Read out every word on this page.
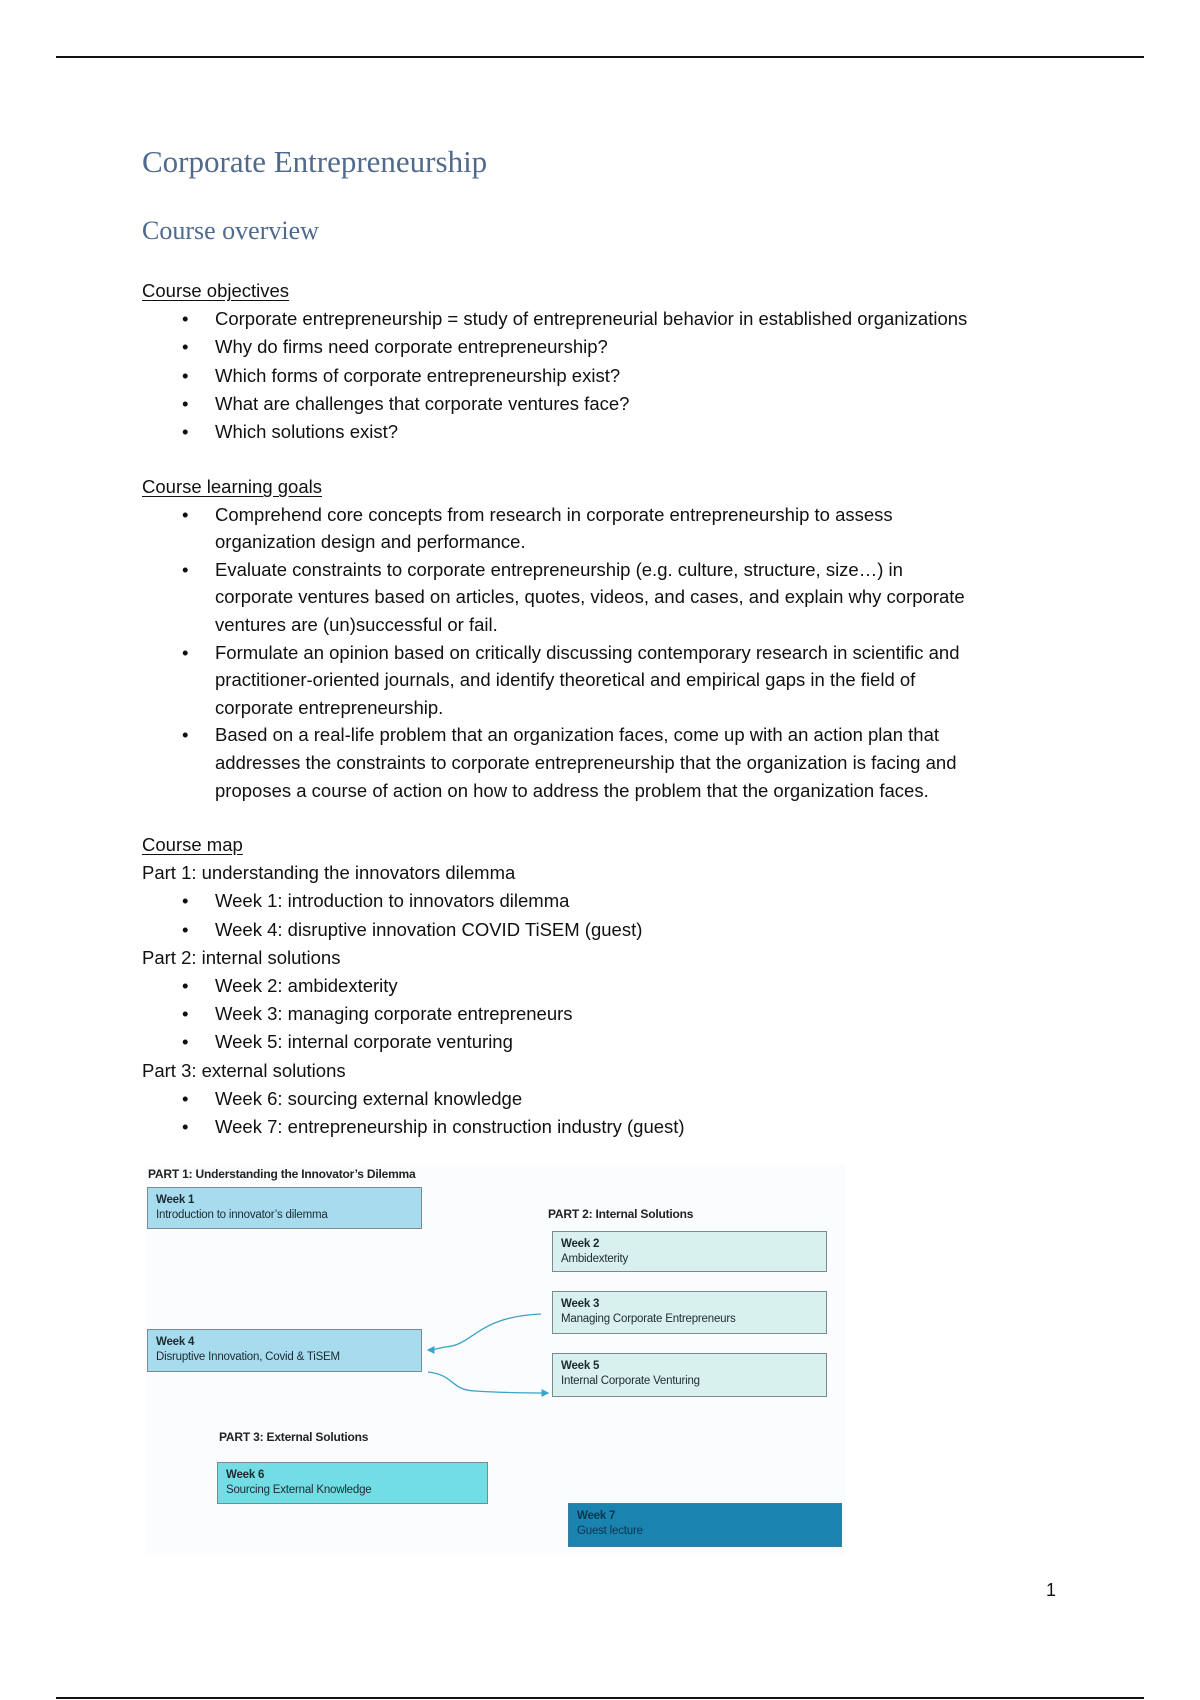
Corporate Entrepreneurship
Course overview
Course objectives
• Corporate entrepreneurship = study of entrepreneurial behavior in established organizations
• Why do firms need corporate entrepreneurship?
• Which forms of corporate entrepreneurship exist?
• What are challenges that corporate ventures face?
• Which solutions exist?
Course learning goals
• Comprehend core concepts from research in corporate entrepreneurship to assess
organization design and performance.
• Evaluate constraints to corporate entrepreneurship (e.g. culture, structure, size…) in
corporate ventures based on articles, quotes, videos, and cases, and explain why corporate
ventures are (un)successful or fail.
• Formulate an opinion based on critically discussing contemporary research in scientific and
practitioner-oriented journals, and identify theoretical and empirical gaps in the field of
corporate entrepreneurship.
• Based on a real-life problem that an organization faces, come up with an action plan that
addresses the constraints to corporate entrepreneurship that the organization is facing and
proposes a course of action on how to address the problem that the organization faces.
Course map
Part 1: understanding the innovators dilemma
• Week 1: introduction to innovators dilemma
• Week 4: disruptive innovation COVID TiSEM (guest)
Part 2: internal solutions
• Week 2: ambidexterity
• Week 3: managing corporate entrepreneurs
• Week 5: internal corporate venturing
Part 3: external solutions
• Week 6: sourcing external knowledge
• Week 7: entrepreneurship in construction industry (guest)
PART 1: Understanding the Innovator’s Dilemma
PART 2: Internal Solutions
PART 3: External Solutions
Week 1
Introduction to innovator’s dilemma
Week 2
Ambidexterity
Week 3
Managing Corporate Entrepreneurs
Week 4
Disruptive Innovation, Covid & TiSEM
Week 5
Internal Corporate Venturing
Week 6
Sourcing External Knowledge
Week 7
Guest lecture
1
